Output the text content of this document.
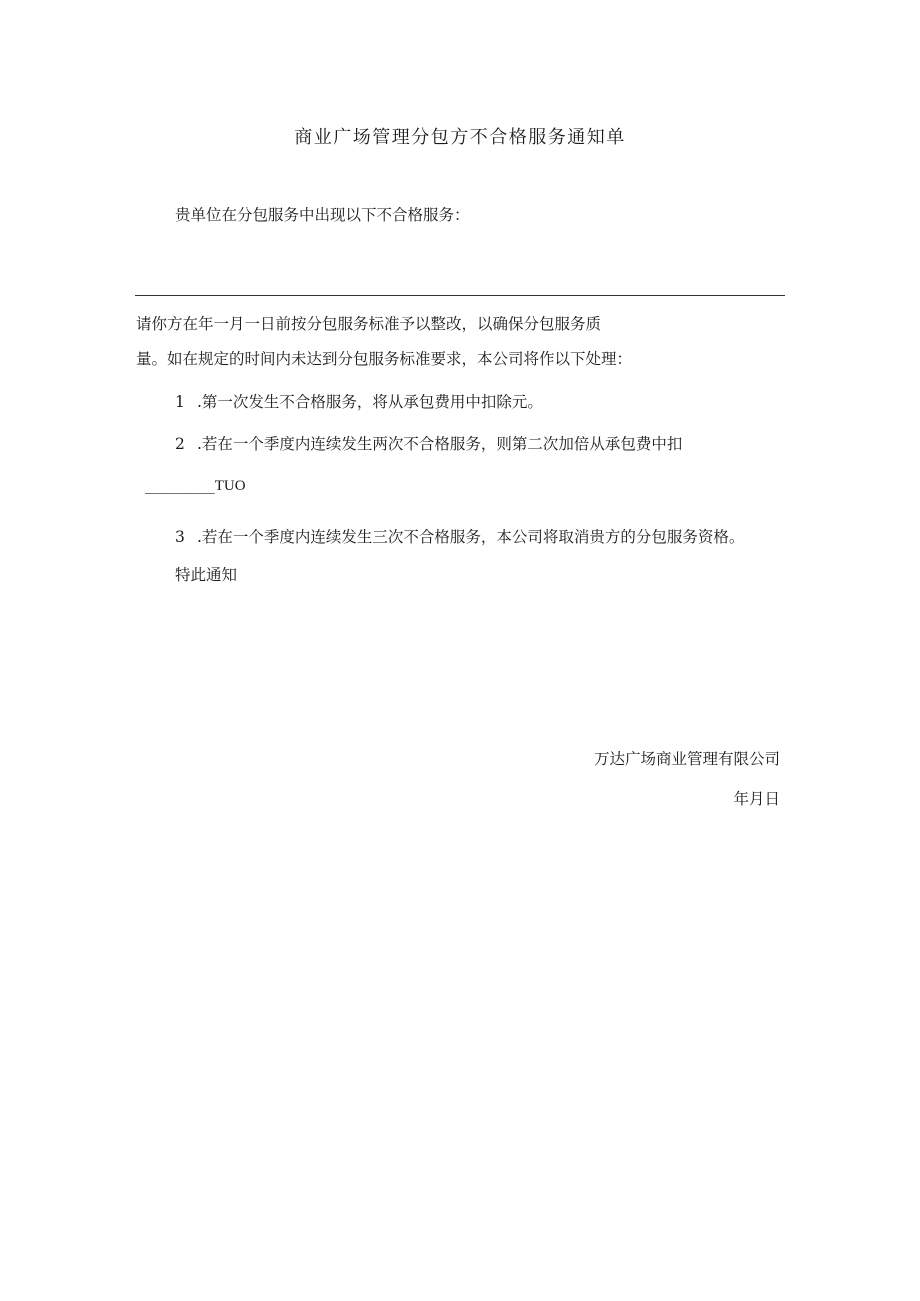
商业广场管理分包方不合格服务通知单
贵单位在分包服务中出现以下不合格服务：
请你方在年一月一日前按分包服务标准予以整改，以确保分包服务质
量。如在规定的时间内未达到分包服务标准要求，本公司将作以下处理：
1 .第一次发生不合格服务，将从承包费用中扣除元。
2 .若在一个季度内连续发生两次不合格服务，则第二次加倍从承包费中扣
_________TUO
3 .若在一个季度内连续发生三次不合格服务，本公司将取消贵方的分包服务资格。
特此通知
万达广场商业管理有限公司
年月日
